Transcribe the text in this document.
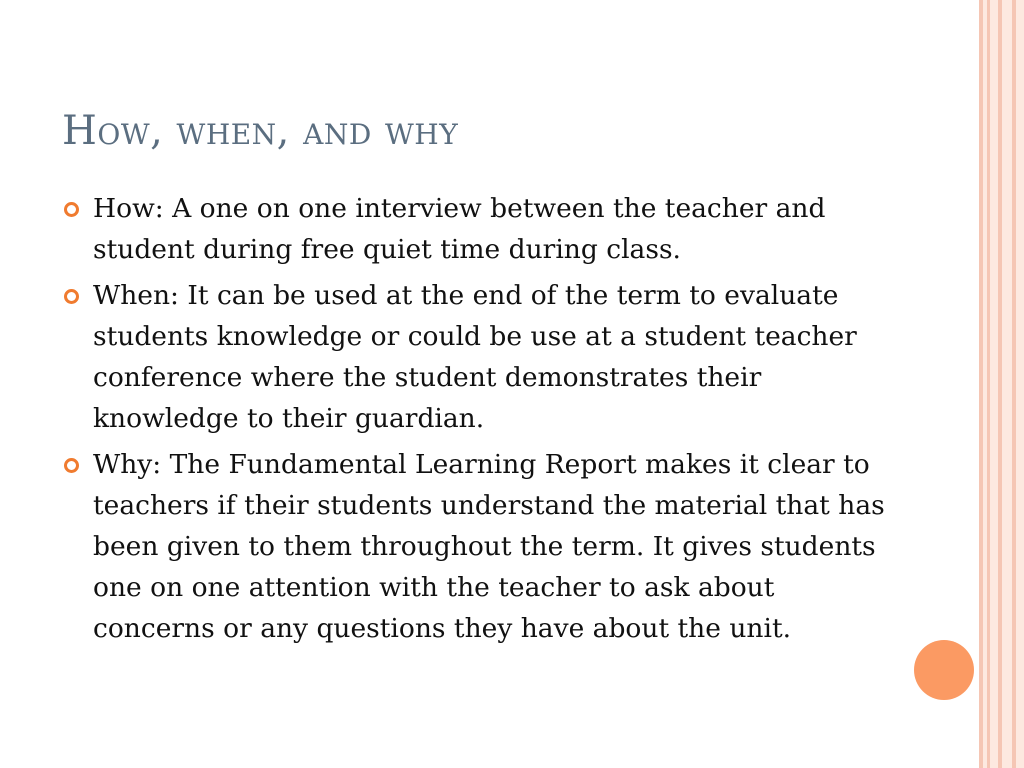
How, when, and why
How: A one on one interview between the teacher and student during free quiet time during class.
When: It can be used at the end of the term to evaluate students knowledge or could be use at a student teacher conference where the student demonstrates their knowledge to their guardian.
Why: The Fundamental Learning Report makes it clear to teachers if their students understand the material that has been given to them throughout the term. It gives students one on one attention with the teacher to ask about concerns or any questions they have about the unit.
